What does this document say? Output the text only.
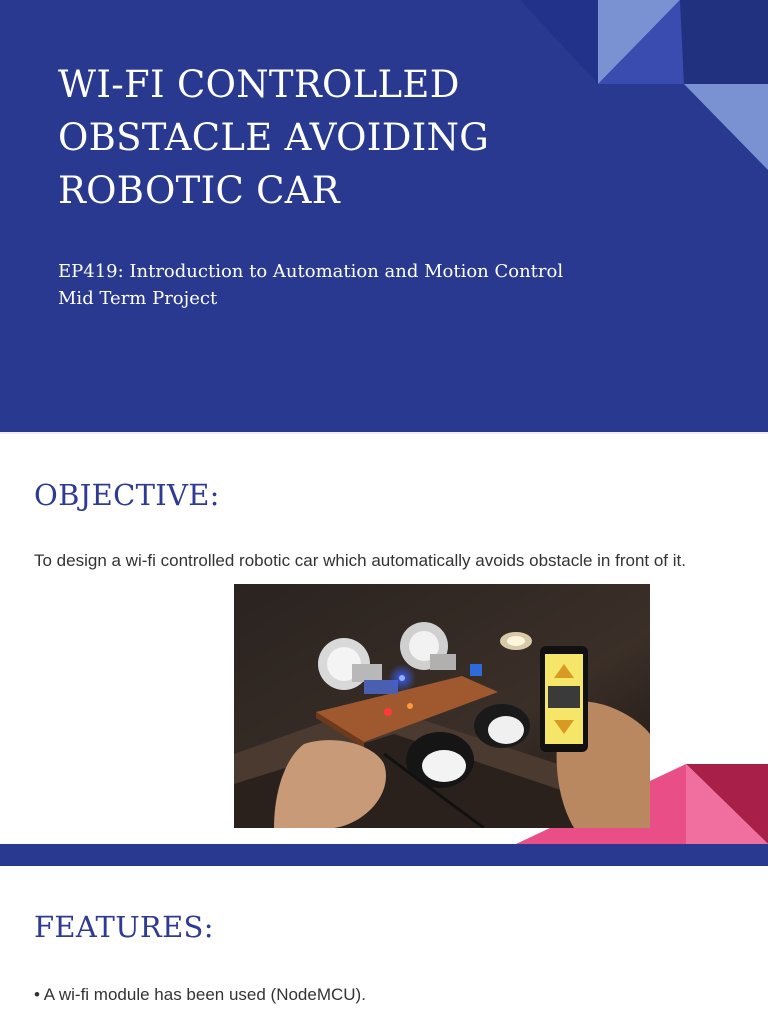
WI-FI CONTROLLED OBSTACLE AVOIDING ROBOTIC CAR
EP419: Introduction to Automation and Motion Control
Mid Term Project
OBJECTIVE:

To design a wi-fi controlled robotic car which automatically avoids obstacle in front of it.

FEATURES:
• A wi-fi module has been used (NodeMCU).
